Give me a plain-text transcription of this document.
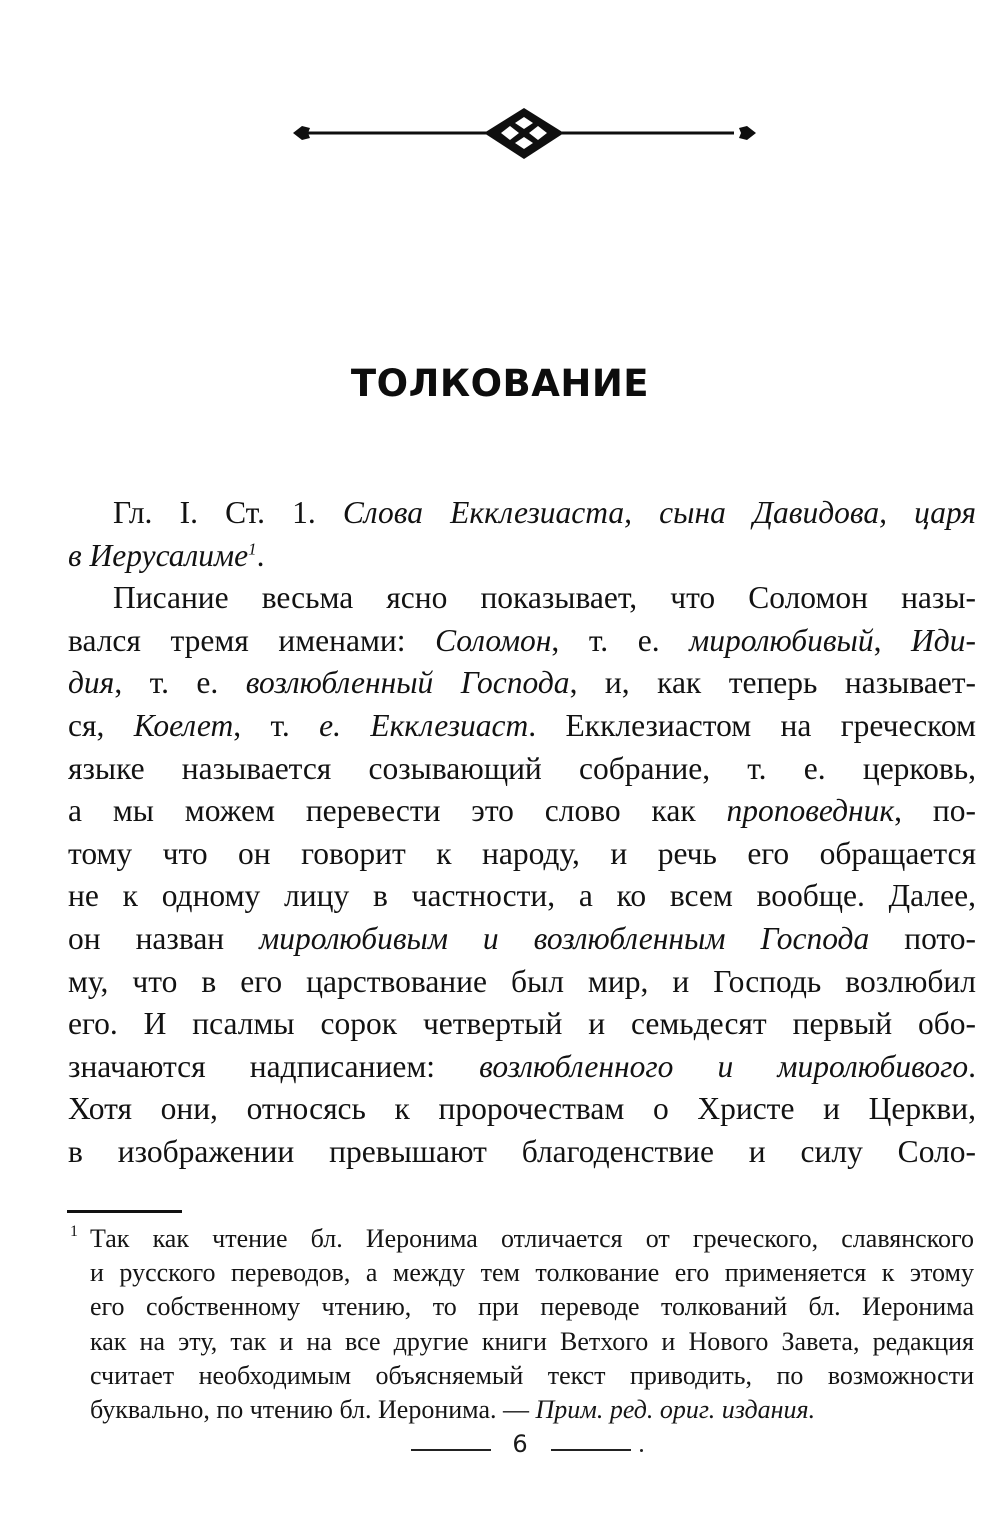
ТОЛКОВАНИЕ

Гл. I. Ст. 1. Слова Екклезиаста, сына Давидова, царя
в Иерусалиме$^1$.

Писание весьма ясно показывает, что Соломон назы-
вался тремя именами: Соломон, т. е. миролюбивый, Иди-
дия, т. е. возлюбленный Господа, и, как теперь называет-
ся, Коелет, т. е. Екклезиаст. Екклезиастом на греческом
языке называется созывающий собрание, т. е. церковь,
а мы можем перевести это слово как проповедник, по-
тому что он говорит к народу, и речь его обращается
не к одному лицу в частности, а ко всем вообще. Далее,
он назван миролюбивым и возлюбленным Господа пото-
му, что в его царствование был мир, и Господь возлюбил
его. И псалмы сорок четвертый и семьдесят первый обо-
значаются надписанием: возлюбленного и миролюбивого.
Хотя они, относясь к пророчествам о Христе и Церкви,
в изображении превышают благоденствие и силу Соло-

1 Так как чтение бл. Иеронима отличается от греческого, славянского
и русского переводов, а между тем толкование его применяется к этому
его собственному чтению, то при переводе толкований бл. Иеронима
как на эту, так и на все другие книги Ветхого и Нового Завета, редакция
считает необходимым объясняемый текст приводить, по возможности
буквально, по чтению бл. Иеронима. — Прим. ред. ориг. издания.
6
